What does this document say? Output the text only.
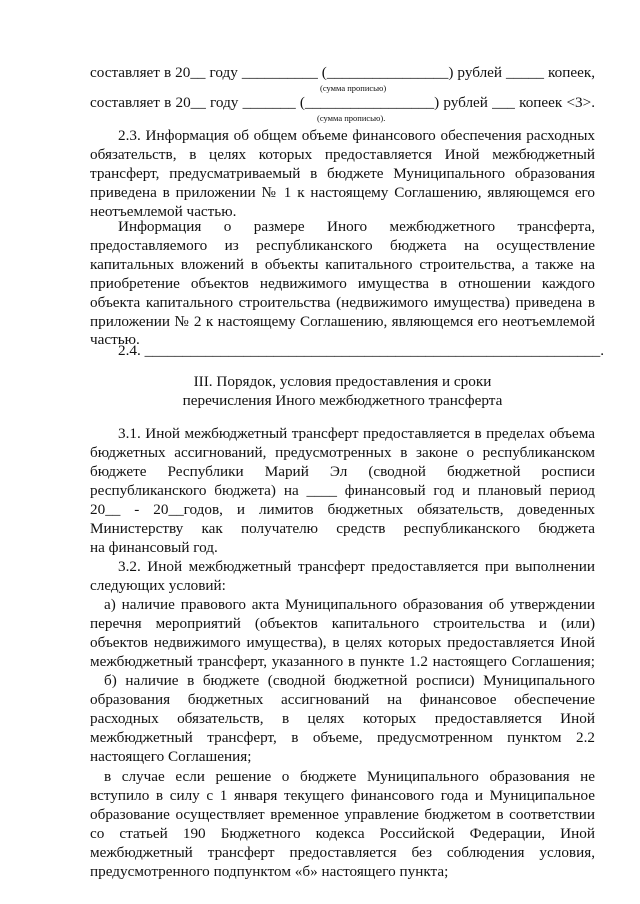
составляет в 20__ году __________ (________________) рублей _____ копеек,
(сумма прописью)
составляет в 20__ году _______ (_________________) рублей ___ копеек <3>.
(сумма прописью).
2.3. Информация об общем объеме финансового обеспечения расходных
обязательств, в целях которых предоставляется Иной межбюджетный
трансферт, предусматриваемый в бюджете Муниципального образования
приведена в приложении № 1 к настоящему Соглашению, являющемся его
неотъемлемой частью.
Информация о размере Иного межбюджетного трансферта,
предоставляемого из республиканского бюджета на осуществление
капитальных вложений в объекты капитального строительства, а также на
приобретение объектов недвижимого имущества в отношении каждого
объекта капитального строительства (недвижимого имущества) приведена в
приложении № 2 к настоящему Соглашению, являющемся его неотъемлемой
частью.
2.4. ____________________________________________________________.
III. Порядок, условия предоставления и сроки
перечисления Иного межбюджетного трансферта
3.1. Иной межбюджетный трансферт предоставляется в пределах объема
бюджетных ассигнований, предусмотренных в законе о республиканском
бюджете Республики Марий Эл (сводной бюджетной росписи
республиканского бюджета) на ____ финансовый год и плановый период
20__ - 20__годов, и лимитов бюджетных обязательств, доведенных
Министерству как получателю средств республиканского бюджета
на финансовый год.
3.2. Иной межбюджетный трансферт предоставляется при выполнении
следующих условий:
а) наличие правового акта Муниципального образования об утверждении
перечня мероприятий (объектов капитального строительства и (или)
объектов недвижимого имущества), в целях которых предоставляется Иной
межбюджетный трансферт, указанного в пункте 1.2 настоящего Соглашения;
б) наличие в бюджете (сводной бюджетной росписи) Муниципального
образования бюджетных ассигнований на финансовое обеспечение
расходных обязательств, в целях которых предоставляется Иной
межбюджетный трансферт, в объеме, предусмотренном пунктом 2.2
настоящего Соглашения;
в случае если решение о бюджете Муниципального образования не
вступило в силу с 1 января текущего финансового года и Муниципальное
образование осуществляет временное управление бюджетом в соответствии
со статьей 190 Бюджетного кодекса Российской Федерации, Иной
межбюджетный трансферт предоставляется без соблюдения условия,
предусмотренного подпунктом «б» настоящего пункта;
